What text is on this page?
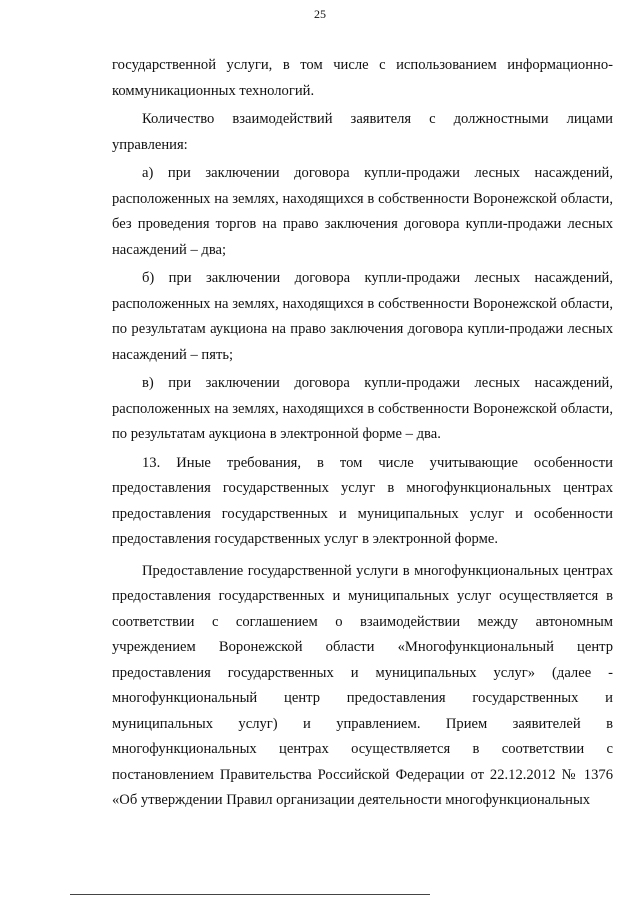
25

государственной услуги, в том числе с использованием информационно-коммуникационных технологий.

Количество взаимодействий заявителя с должностными лицами управления:

а) при заключении договора купли-продажи лесных насаждений, расположенных на землях, находящихся в собственности Воронежской области, без проведения торгов на право заключения договора купли-продажи лесных насаждений – два;

б) при заключении договора купли-продажи лесных насаждений, расположенных на землях, находящихся в собственности Воронежской области, по результатам аукциона на право заключения договора купли-продажи лесных насаждений – пять;

в) при заключении договора купли-продажи лесных насаждений, расположенных на землях, находящихся в собственности Воронежской области, по результатам аукциона в электронной форме – два.

13. Иные требования, в том числе учитывающие особенности предоставления государственных услуг в многофункциональных центрах предоставления государственных и муниципальных услуг и особенности предоставления государственных услуг в электронной форме.

Предоставление государственной услуги в многофункциональных центрах предоставления государственных и муниципальных услуг осуществляется в соответствии с соглашением о взаимодействии между автономным учреждением Воронежской области «Многофункциональный центр предоставления государственных и муниципальных услуг» (далее - многофункциональный центр предоставления государственных и муниципальных услуг) и управлением. Прием заявителей в многофункциональных центрах осуществляется в соответствии с постановлением Правительства Российской Федерации от 22.12.2012 № 1376 «Об утверждении Правил организации деятельности многофункциональных
